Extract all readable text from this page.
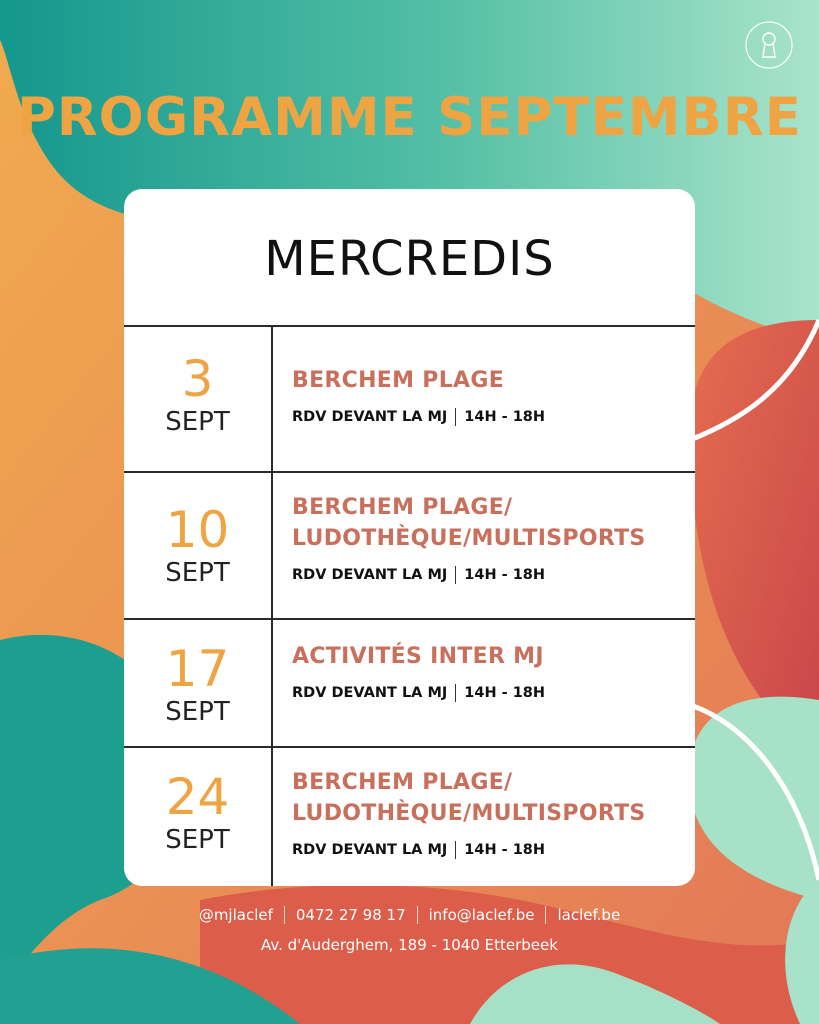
PROGRAMME SEPTEMBRE
MERCREDIS
3
SEPT
BERCHEM PLAGE
RDV DEVANT LA MJ 14H - 18H
10
SEPT
BERCHEM PLAGE/
LUDOTHÈQUE/MULTISPORTS
RDV DEVANT LA MJ 14H - 18H
17
SEPT
ACTIVITÉS INTER MJ
RDV DEVANT LA MJ 14H - 18H
24
SEPT
BERCHEM PLAGE/
LUDOTHÈQUE/MULTISPORTS
RDV DEVANT LA MJ 14H - 18H
@mjlaclef 0472 27 98 17 info@laclef.be laclef.be
Av. d'Auderghem, 189 - 1040 Etterbeek
